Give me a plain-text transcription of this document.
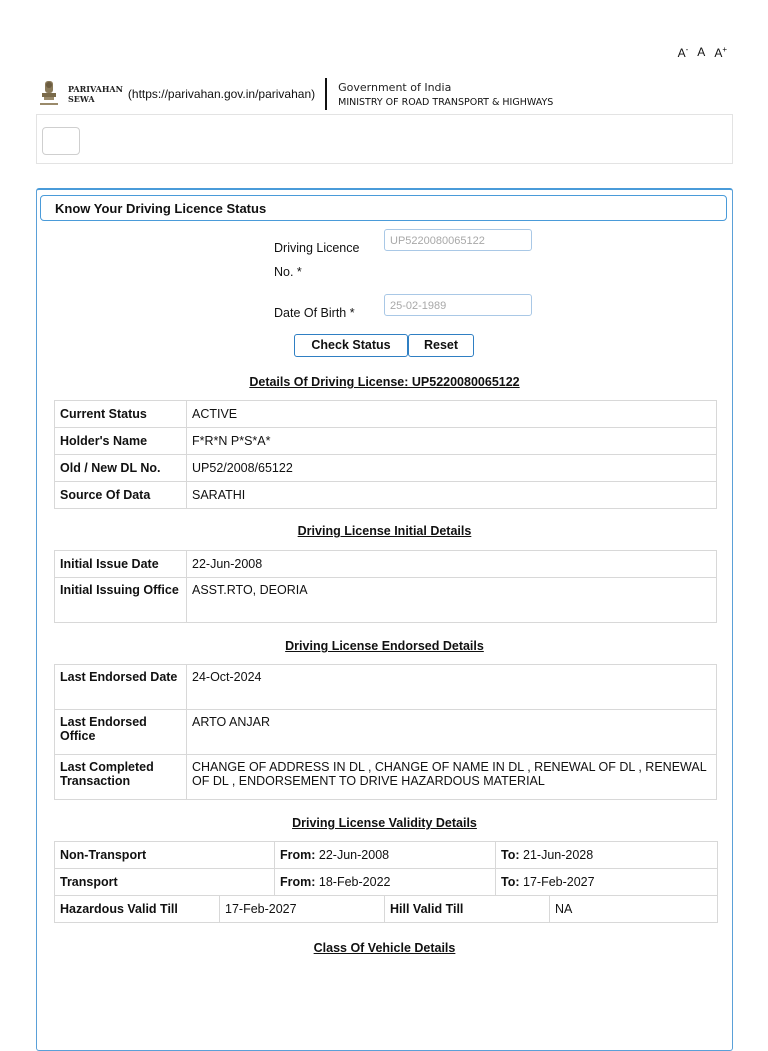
A- A A+
PARIVAHAN
SEWA	(https://parivahan.gov.in/parivahan) Government of India
MINISTRY OF ROAD TRANSPORT & HIGHWAYS
Know Your Driving Licence Status
Driving Licence
No. *
UP5220080065122
Date Of Birth *	25-02-1989
Check Status	Reset
Details Of Driving License: UP5220080065122
Current Status	ACTIVE
Holder's Name	F*R*N P*S*A*
Old / New DL No.	UP52/2008/65122
Source Of Data	SARATHI
Driving License Initial Details
Initial Issue Date	22-Jun-2008
Initial Issuing Office	ASST.RTO, DEORIA
Driving License Endorsed Details
Last Endorsed Date	24-Oct-2024
Last Endorsed Office	ARTO ANJAR
Last Completed Transaction	CHANGE OF ADDRESS IN DL , CHANGE OF NAME IN DL , RENEWAL OF DL , RENEWAL OF DL , ENDORSEMENT TO DRIVE HAZARDOUS MATERIAL
Driving License Validity Details
Non-Transport	From: 22-Jun-2008	To: 21-Jun-2028
Transport	From: 18-Feb-2022	To: 17-Feb-2027
Hazardous Valid Till	17-Feb-2027	Hill Valid Till	NA
Class Of Vehicle Details
